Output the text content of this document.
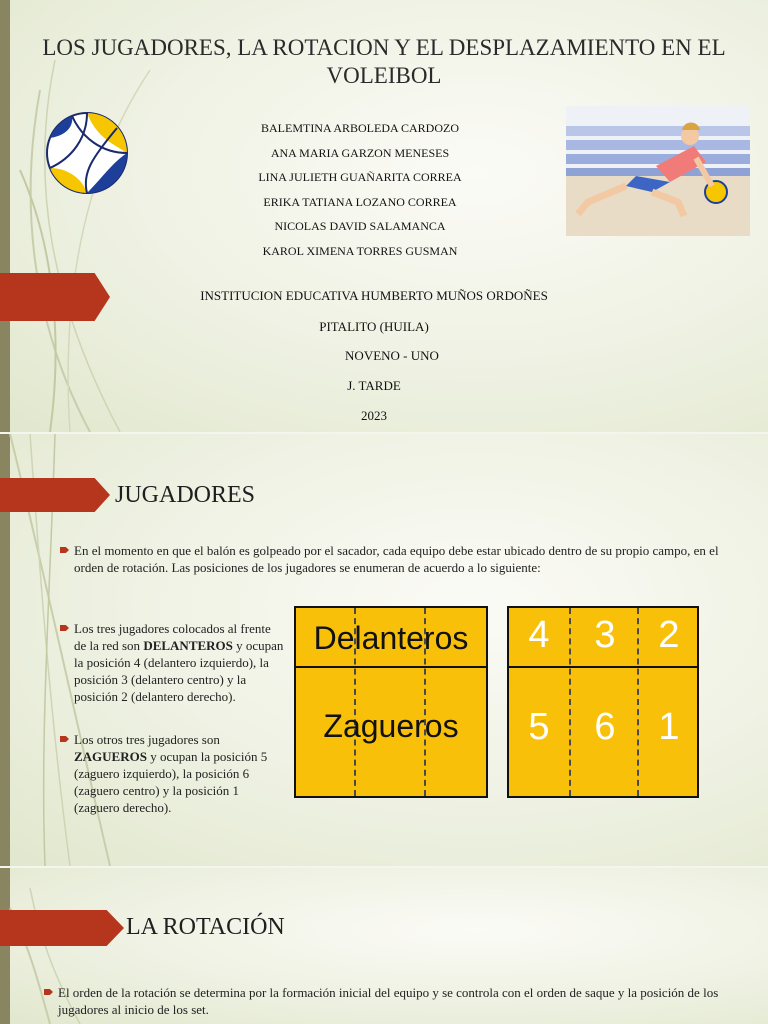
LOS JUGADORES, LA ROTACION Y EL DESPLAZAMIENTO EN EL VOLEIBOL
BALEMTINA ARBOLEDA CARDOZO
ANA MARIA GARZON MENESES
LINA JULIETH GUAÑARITA CORREA
ERIKA TATIANA LOZANO CORREA
NICOLAS DAVID SALAMANCA
KAROL XIMENA TORRES GUSMAN
INSTITUCION EDUCATIVA HUMBERTO MUÑOS ORDOÑES
PITALITO (HUILA)
NOVENO - UNO
J. TARDE
2023
JUGADORES
En el momento en que el balón es golpeado por el sacador, cada equipo debe estar ubicado dentro de su propio campo, en el orden de rotación. Las posiciones de los jugadores se enumeran de acuerdo a lo siguiente:
Los tres jugadores colocados al frente de la red son DELANTEROS y ocupan la posición 4 (delantero izquierdo), la posición 3 (delantero centro) y la posición 2 (delantero derecho).
Los otros tres jugadores son ZAGUEROS y ocupan la posición 5 (zaguero izquierdo), la posición 6 (zaguero centro) y la posición 1 (zaguero derecho).
Delanteros
Zagueros
4	3	2
5	6	1
LA ROTACIÓN
El orden de la rotación se determina por la formación inicial del equipo y se controla con el orden de saque y la posición de los jugadores al inicio de los set.
